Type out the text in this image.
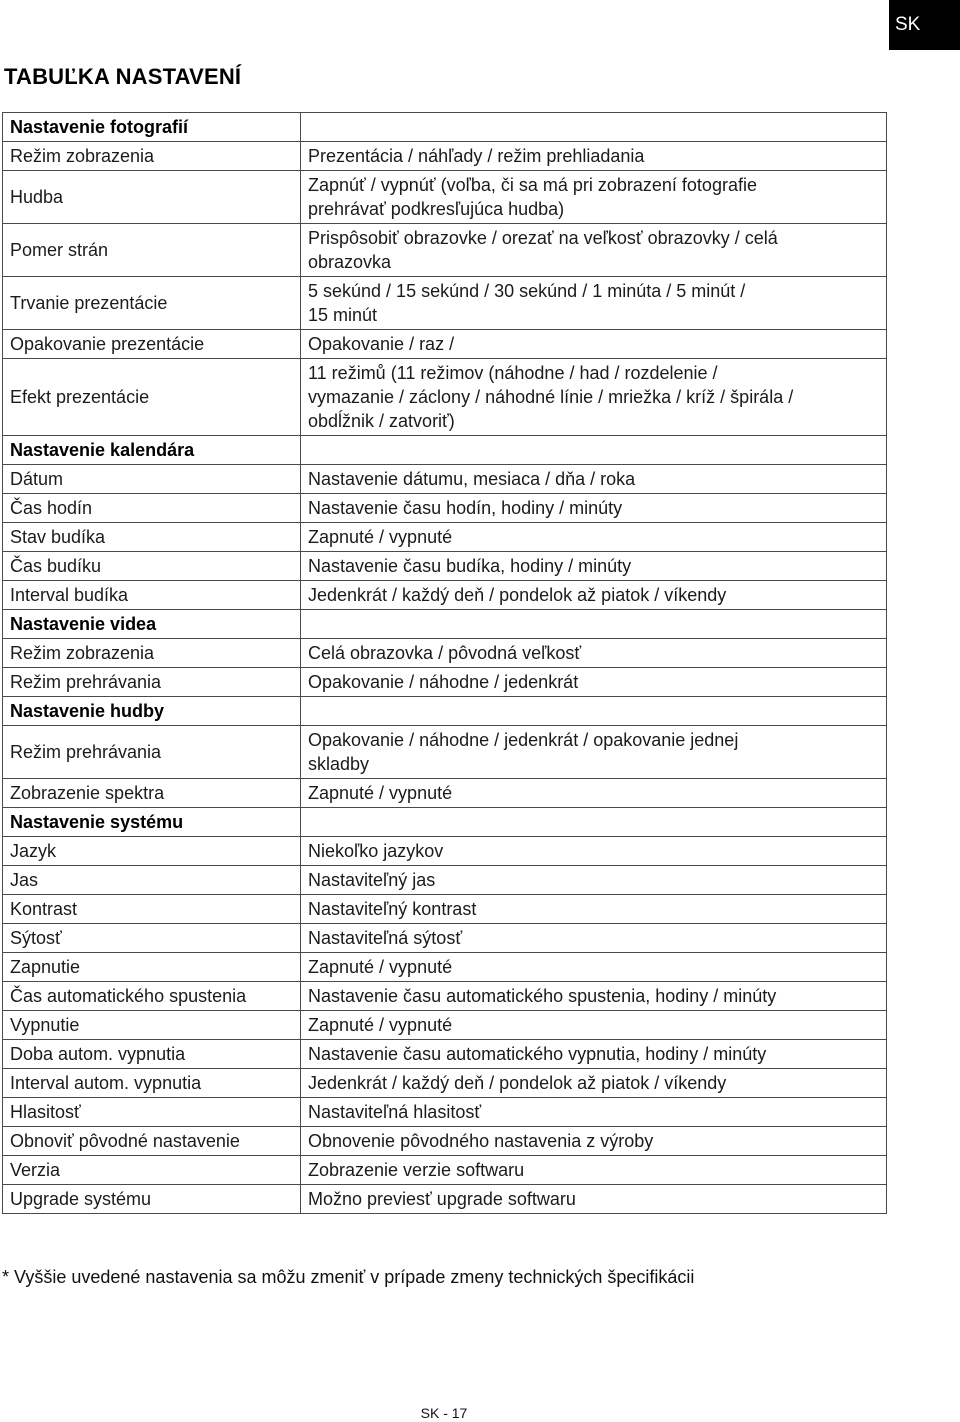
SK
TABUĽKA NASTAVENÍ
Nastavenie fotografií	
Režim zobrazenia	Prezentácia / náhľady / režim prehliadania
Hudba	Zapnúť / vypnúť (voľba, či sa má pri zobrazení fotografie
prehrávať podkresľujúca hudba)
Pomer strán	Prispôsobiť obrazovke / orezať na veľkosť obrazovky / celá
obrazovka
Trvanie prezentácie	5 sekúnd / 15 sekúnd / 30 sekúnd / 1 minúta / 5 minút /
15 minút
Opakovanie prezentácie	Opakovanie / raz /
Efekt prezentácie	11 režimů (11 režimov (náhodne / had / rozdelenie /
vymazanie / záclony / náhodné línie / mriežka / kríž / špirála /
obdĺžnik / zatvoriť)
Nastavenie kalendára	
Dátum	Nastavenie dátumu, mesiaca / dňa / roka
Čas hodín	Nastavenie času hodín, hodiny / minúty
Stav budíka	Zapnuté / vypnuté
Čas budíku	Nastavenie času budíka, hodiny / minúty
Interval budíka	Jedenkrát / každý deň / pondelok až piatok / víkendy
Nastavenie videa	
Režim zobrazenia	Celá obrazovka / pôvodná veľkosť
Režim prehrávania	Opakovanie / náhodne / jedenkrát
Nastavenie hudby	
Režim prehrávania	Opakovanie / náhodne / jedenkrát / opakovanie jednej
skladby
Zobrazenie spektra	Zapnuté / vypnuté
Nastavenie systému	
Jazyk	Niekoľko jazykov
Jas	Nastaviteľný jas
Kontrast	Nastaviteľný kontrast
Sýtosť	Nastaviteľná sýtosť
Zapnutie	Zapnuté / vypnuté
Čas automatického spustenia	Nastavenie času automatického spustenia, hodiny / minúty
Vypnutie	Zapnuté / vypnuté
Doba autom. vypnutia	Nastavenie času automatického vypnutia, hodiny / minúty
Interval autom. vypnutia	Jedenkrát / každý deň / pondelok až piatok / víkendy
Hlasitosť	Nastaviteľná hlasitosť
Obnoviť pôvodné nastavenie	Obnovenie pôvodného nastavenia z výroby
Verzia	Zobrazenie verzie softwaru
Upgrade systému	Možno previesť upgrade softwaru
* Vyššie uvedené nastavenia sa môžu zmeniť v prípade zmeny technických špecifikácii
SK - 17
